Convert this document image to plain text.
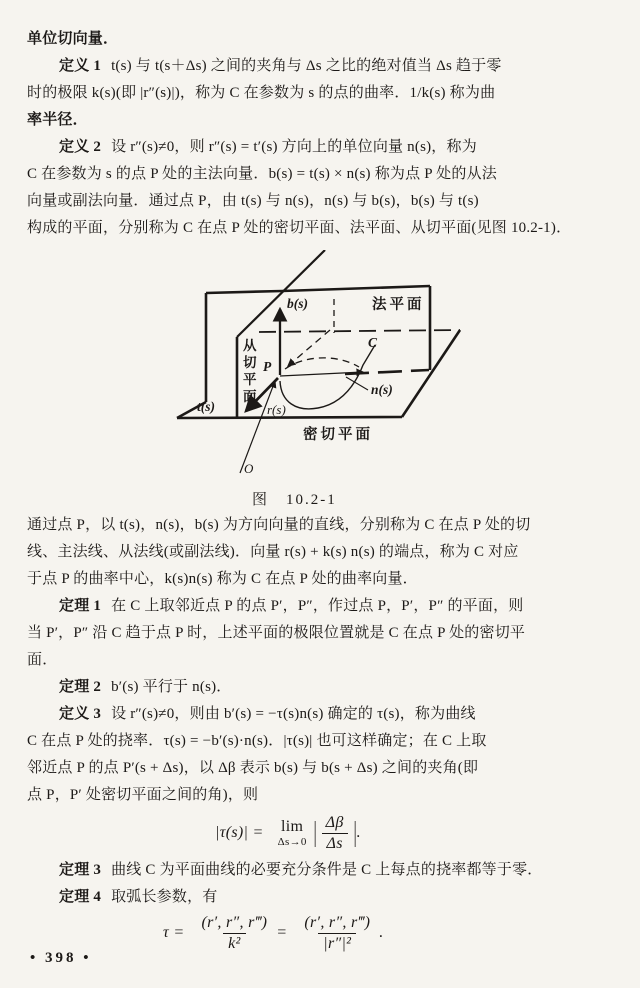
单位切向量．
定义 1 t(s) 与 t(s＋Δs) 之间的夹角与 Δs 之比的绝对值当 Δs 趋于零
时的极限 k(s)(即 |r″(s)|)，称为 C 在参数为 s 的点的曲率．1/k(s) 称为曲
率半径．
定义 2 设 r″(s)≠0，则 r″(s) = t′(s) 方向上的单位向量 n(s)，称为
C 在参数为 s 的点 P 处的主法向量．b(s) = t(s) × n(s) 称为点 P 处的从法
向量或副法向量．通过点 P，由 t(s) 与 n(s)，n(s) 与 b(s)，b(s) 与 t(s)
构成的平面，分别称为 C 在点 P 处的密切平面、法平面、从切平面(见图 10.2-1)．
b(s)	法平面
C
n(s)
P
t(s)	r(s)
O
密切平面
从
切
平
面
图　10.2-1
通过点 P，以 t(s)，n(s)，b(s) 为方向向量的直线，分别称为 C 在点 P 处的切
线、主法线、从法线(或副法线)．向量 r(s) + k(s) n(s) 的端点，称为 C 对应
于点 P 的曲率中心，k(s)n(s) 称为 C 在点 P 处的曲率向量．
定理 1 在 C 上取邻近点 P 的点 P′，P″，作过点 P，P′，P″ 的平面，则
当 P′，P″ 沿 C 趋于点 P 时，上述平面的极限位置就是 C 在点 P 处的密切平
面．
定理 2 b′(s) 平行于 n(s)．
定义 3 设 r″(s)≠0，则由 b′(s) = −τ(s)n(s) 确定的 τ(s)，称为曲线
C 在点 P 处的挠率．τ(s) = −b′(s)·n(s)．|τ(s)| 也可这样确定；在 C 上取
邻近点 P 的点 P′(s + Δs)，以 Δβ 表示 b(s) 与 b(s + Δs) 之间的夹角(即
点 P，P′ 处密切平面之间的角)，则
|τ(s)| = lim
Δs→0 | $\frac{\Delta\beta}{\Delta s}$ | .
定理 3 曲线 C 为平面曲线的必要充分条件是 C 上每点的挠率都等于零．
定理 4 取弧长参数，有
$\tau = \frac{(r', r'', r‴)}{\text{k²}} = \frac{(r', r'', r‴)}{\text{|r″|²}}$ .
• 398 •
